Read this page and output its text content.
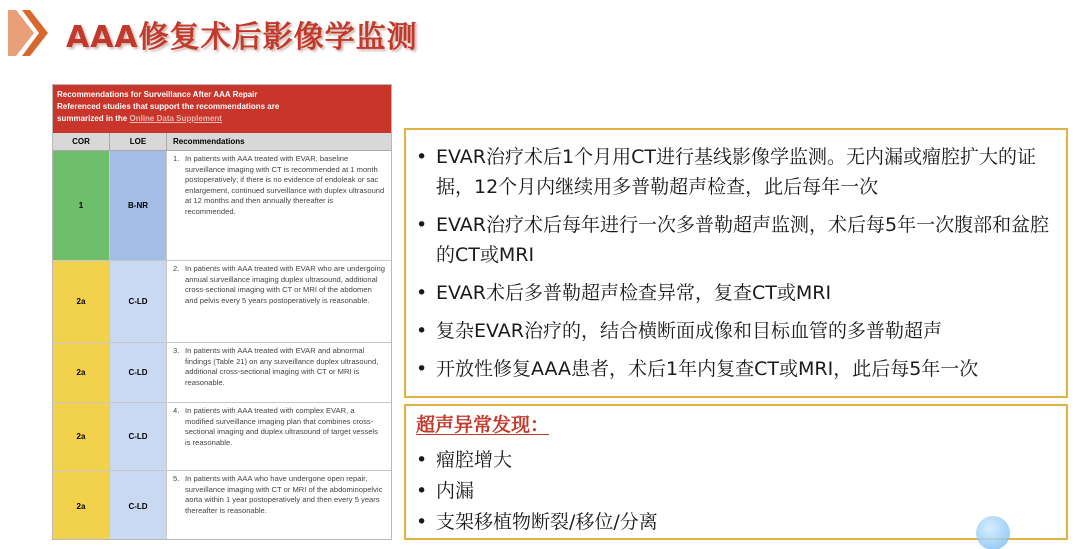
AAA修复术后影像学监测
Recommendations for Surveillance After AAA Repair
Referenced studies that support the recommendations are
summarized in the Online Data Supplement
COR	LOE	Recommendations
1	B-NR
1. In patients with AAA treated with EVAR, baseline surveillance imaging with CT is recommended at 1 month postoperatively; if there is no evidence of endoleak or sac enlargement, continued surveillance with duplex ultrasound at 12 months and then annually thereafter is recommended.
2a	C-LD
2. In patients with AAA treated with EVAR who are undergoing annual surveillance imaging duplex ultrasound, additional cross-sectional imaging with CT or MRI of the abdomen and pelvis every 5 years postoperatively is reasonable.
2a	C-LD
3. In patients with AAA treated with EVAR and abnormal findings (Table 21) on any surveillance duplex ultrasound, additional cross-sectional imaging with CT or MRI is reasonable.
2a	C-LD
4. In patients with AAA treated with complex EVAR, a modified surveillance imaging plan that combines cross-sectional imaging and duplex ultrasound of target vessels is reasonable.
2a	C-LD
5. In patients with AAA who have undergone open repair, surveillance imaging with CT or MRI of the abdominopelvic aorta within 1 year postoperatively and then every 5 years thereafter is reasonable.
• EVAR治疗术后1个月用CT进行基线影像学监测。无内漏或瘤腔扩大的证据，12个月内继续用多普勒超声检查，此后每年一次
• EVAR治疗术后每年进行一次多普勒超声监测，术后每5年一次腹部和盆腔的CT或MRI
• EVAR术后多普勒超声检查异常，复查CT或MRI
• 复杂EVAR治疗的，结合横断面成像和目标血管的多普勒超声
• 开放性修复AAA患者，术后1年内复查CT或MRI，此后每5年一次
超声异常发现：
• 瘤腔增大
• 内漏
• 支架移植物断裂/移位/分离
